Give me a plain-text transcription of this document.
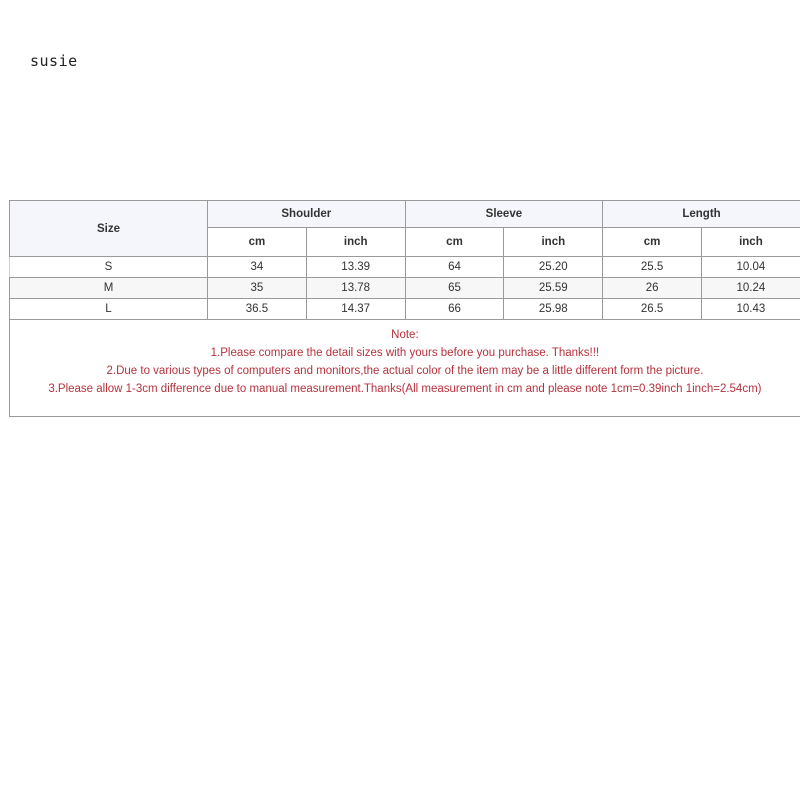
susie
Size	Shoulder		Sleeve		Length	
	cm	inch	cm	inch	cm	inch
S	34	13.39	64	25.20	25.5	10.04
M	35	13.78	65	25.59	26	10.24
L	36.5	14.37	66	25.98	26.5	10.43

Note:
1.Please compare the detail sizes with yours before you purchase. Thanks!!!
2.Due to various types of computers and monitors,the actual color of the item may be a little different form the picture.
3.Please allow 1-3cm difference due to manual measurement.Thanks(All measurement in cm and please note 1cm=0.39inch 1inch=2.54cm)						
